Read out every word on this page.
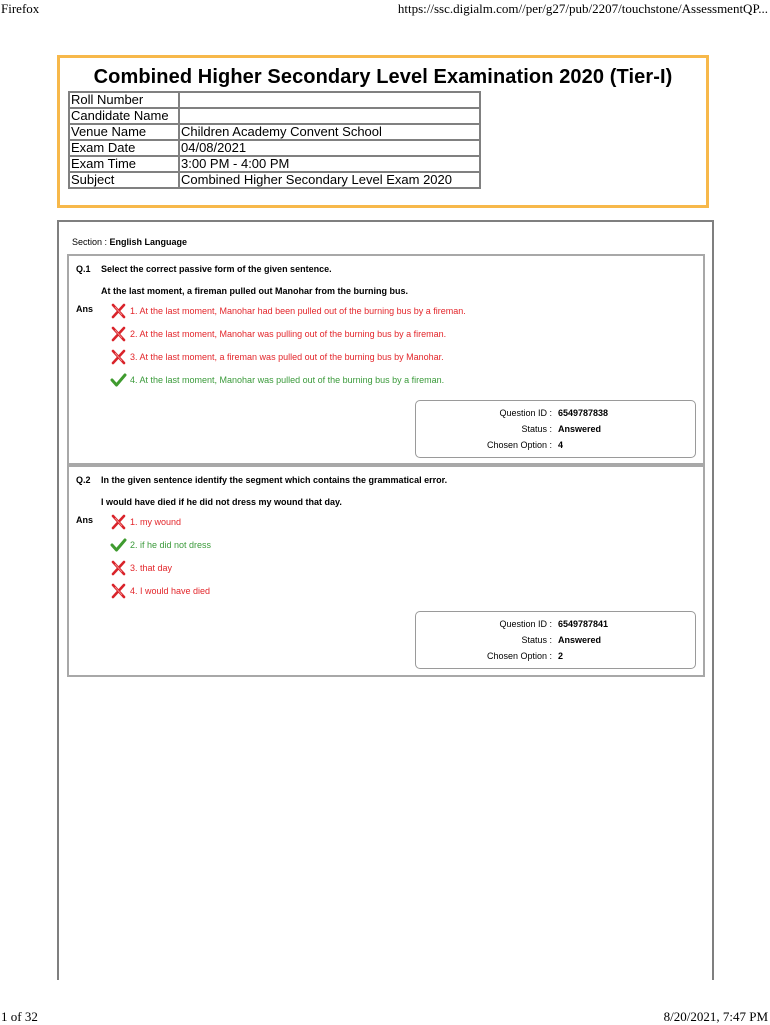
Firefox	https://ssc.digialm.com//per/g27/pub/2207/touchstone/AssessmentQP...
1 of 32	8/20/2021, 7:47 PM
Combined Higher Secondary Level Examination 2020 (Tier-I)
Roll Number	
Candidate Name	
Venue Name	Children Academy Convent School
Exam Date	04/08/2021
Exam Time	3:00 PM - 4:00 PM
Subject	Combined Higher Secondary Level Exam 2020
Section : English Language
Q.1 Select the correct passive form of the given sentence.
At the last moment, a fireman pulled out Manohar from the burning bus.
Ans	1. At the last moment, Manohar had been pulled out of the burning bus by a fireman.
2. At the last moment, Manohar was pulling out of the burning bus by a fireman.
3. At the last moment, a fireman was pulled out of the burning bus by Manohar.
4. At the last moment, Manohar was pulled out of the burning bus by a fireman.
Question ID : 6549787838
Status : Answered
Chosen Option : 4
Q.2 In the given sentence identify the segment which contains the grammatical error.
I would have died if he did not dress my wound that day.
Ans	1. my wound
2. if he did not dress
3. that day
4. I would have died
Question ID : 6549787841
Status : Answered
Chosen Option : 2
